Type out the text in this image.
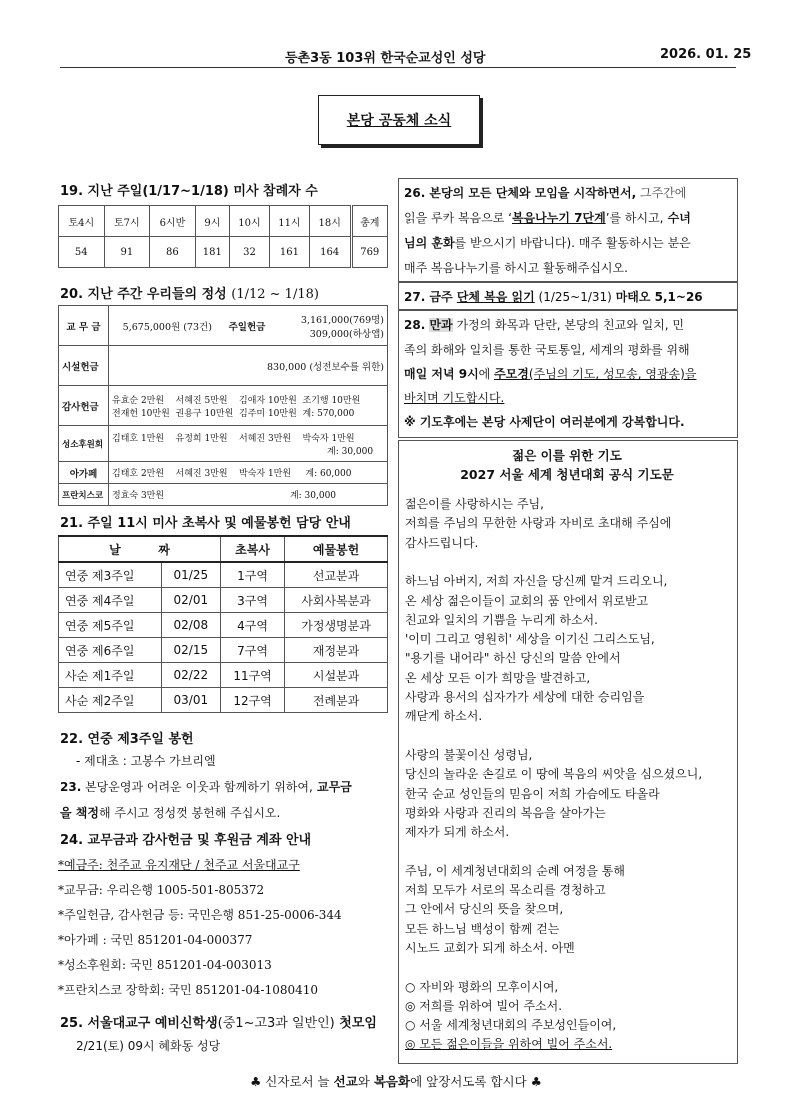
등촌3동 103위 한국순교성인 성당	2026. 01. 25
본당 공동체 소식
19. 지난 주일(1/17~1/18) 미사 참례자 수
토4시	토7시	6시반	9시	10시	11시	18시	총계
54	91	86	181	32	161	164	769
20. 지난 주간 우리들의 정성 (1/12 ~ 1/18)
교 무 금	5,675,000원 (73건)	주일헌금	3,161,000(769명)
309,000(하상앱)

시설헌금	830,000 (성전보수를 위한)		
감사헌금	유효순 2만원    서혜진 5만원    김애자 10만원  조기행 10만원
전재헌 10만원  권용구 10만원  김주미 10만원 계: 570,000		

성소후원회	김태호 1만원    유정희 1만원    서혜진 3만원    박숙자 1만원
계: 30,000		

아가페	김태호 2만원    서혜진 3만원    박숙자 1만원 계: 60,000		
프란치스코	정효숙 3만원 계: 30,000		
21. 주일 11시 미사 초복사 및 예물봉헌 담당 안내
날         짜		초복사	예물봉헌
연중 제3주일	01/25	1구역	선교분과
연중 제4주일	02/01	3구역	사회사복분과
연중 제5주일	02/08	4구역	가정생명분과
연중 제6주일	02/15	7구역	재정분과
사순 제1주일	02/22	11구역	시설분과
사순 제2주일	03/01	12구역	전례분과
22. 연중 제3주일 봉헌
- 제대초 : 고봉수 가브리엘
23. 본당운영과 어려운 이웃과 함께하기 위하여, 교무금
을 책정해 주시고 정성껏 봉헌해 주십시오.
24. 교무금과 감사헌금 및 후원금 계좌 안내
*예금주: 천주교 유지재단 / 천주교 서울대교구
*교무금: 우리은행 1005-501-805372
*주일헌금, 감사헌금 등: 국민은행 851-25-0006-344
*아가페 : 국민 851201-04-000377
*성소후원회: 국민 851201-04-003013
*프란치스코 장학회: 국민 851201-04-1080410
25. 서울대교구 예비신학생(중1~고3과 일반인) 첫모임
2/21(토) 09시 혜화동 성당
26. 본당의 모든 단체와 모임을 시작하면서, 그주간에
읽을 루카 복음으로 ‘복음나누기 7단계’를 하시고, 수녀
님의 훈화를 받으시기 바랍니다). 매주 활동하시는 분은
매주 복음나누기를 하시고 활동해주십시오.
27. 금주 단체 복음 읽기 (1/25~1/31) 마태오 5,1~26
28. 만과 가정의 화목과 단란, 본당의 친교와 일치, 민
족의 화해와 일치를 통한 국토통일, 세계의 평화를 위해
매일 저녁 9시에 주모경(주님의 기도, 성모송, 영광송)을
바치며 기도합시다.
※ 기도후에는 본당 사제단이 여러분에게 강복합니다.
젊은 이를 위한 기도
2027 서울 세계 청년대회 공식 기도문
젊은이를 사랑하시는 주님,
저희를 주님의 무한한 사랑과 자비로 초대해 주심에
감사드립니다.
하느님 아버지, 저희 자신을 당신께 맡겨 드리오니,
온 세상 젊은이들이 교회의 품 안에서 위로받고
친교와 일치의 기쁨을 누리게 하소서.
'이미 그리고 영원히' 세상을 이기신 그리스도님,
"용기를 내어라" 하신 당신의 말씀 안에서
온 세상 모든 이가 희망을 발견하고,
사랑과 용서의 십자가가 세상에 대한 승리임을
깨닫게 하소서.
사랑의 불꽃이신 성령님,
당신의 놀라운 손길로 이 땅에 복음의 씨앗을 심으셨으니,
한국 순교 성인들의 믿음이 저희 가슴에도 타올라
평화와 사랑과 진리의 복음을 살아가는
제자가 되게 하소서.
주님, 이 세계청년대회의 순례 여정을 통해
저희 모두가 서로의 목소리를 경청하고
그 안에서 당신의 뜻을 찾으며,
모든 하느님 백성이 함께 걷는
시노드 교회가 되게 하소서. 아멘
○ 자비와 평화의 모후이시여,
◎ 저희를 위하여 빌어 주소서.
○ 서울 세계청년대회의 주보성인들이여,
◎ 모든 젊은이들을 위하여 빌어 주소서.
♣ 신자로서 늘 선교와 복음화에 앞장서도록 합시다 ♣
